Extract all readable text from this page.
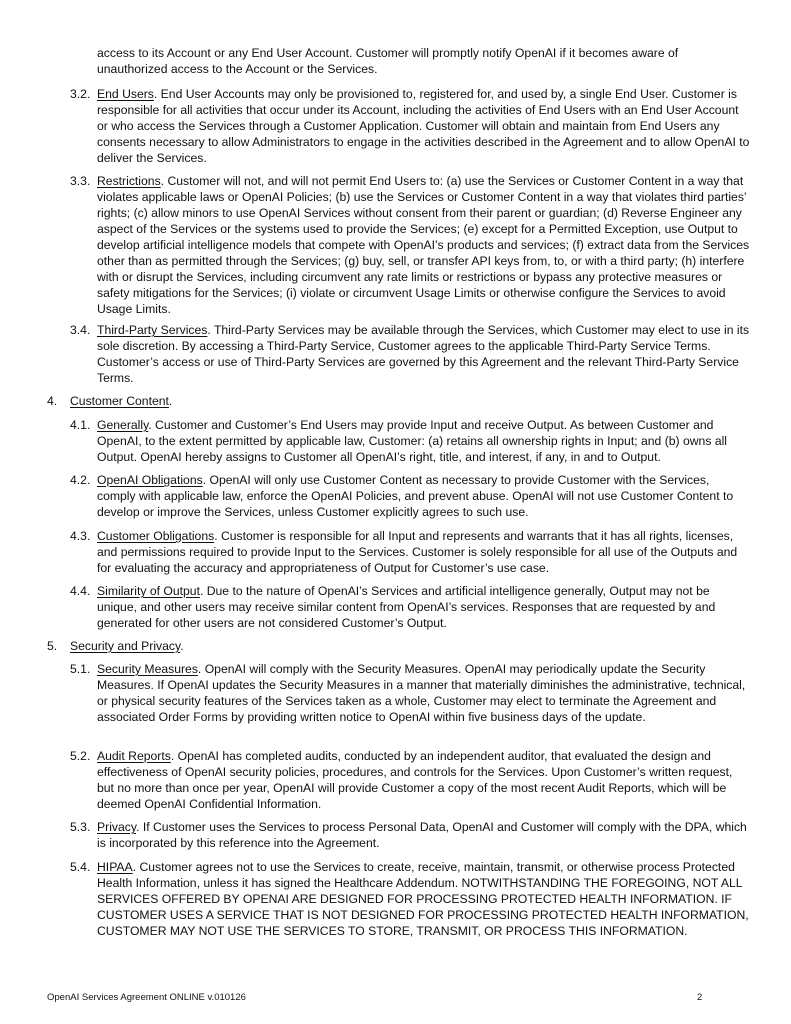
access to its Account or any End User Account. Customer will promptly notify OpenAI if it becomes aware of unauthorized access to the Account or the Services.

3.2. End Users. End User Accounts may only be provisioned to, registered for, and used by, a single End User. Customer is responsible for all activities that occur under its Account, including the activities of End Users with an End User Account or who access the Services through a Customer Application. Customer will obtain and maintain from End Users any consents necessary to allow Administrators to engage in the activities described in the Agreement and to allow OpenAI to deliver the Services.
3.3. Restrictions. Customer will not, and will not permit End Users to: (a) use the Services or Customer Content in a way that violates applicable laws or OpenAI Policies; (b) use the Services or Customer Content in a way that violates third parties’ rights; (c) allow minors to use OpenAI Services without consent from their parent or guardian; (d) Reverse Engineer any aspect of the Services or the systems used to provide the Services; (e) except for a Permitted Exception, use Output to develop artificial intelligence models that compete with OpenAI’s products and services; (f) extract data from the Services other than as permitted through the Services; (g) buy, sell, or transfer API keys from, to, or with a third party; (h) interfere with or disrupt the Services, including circumvent any rate limits or restrictions or bypass any protective measures or safety mitigations for the Services; (i) violate or circumvent Usage Limits or otherwise configure the Services to avoid Usage Limits.
3.4. Third-Party Services. Third-Party Services may be available through the Services, which Customer may elect to use in its sole discretion. By accessing a Third-Party Service, Customer agrees to the applicable Third-Party Service Terms. Customer’s access or use of Third-Party Services are governed by this Agreement and the relevant Third-Party Service Terms.
4. Customer Content.
4.1. Generally. Customer and Customer’s End Users may provide Input and receive Output. As between Customer and OpenAI, to the extent permitted by applicable law, Customer: (a) retains all ownership rights in Input; and (b) owns all Output. OpenAI hereby assigns to Customer all OpenAI’s right, title, and interest, if any, in and to Output.
4.2. OpenAI Obligations. OpenAI will only use Customer Content as necessary to provide Customer with the Services, comply with applicable law, enforce the OpenAI Policies, and prevent abuse. OpenAI will not use Customer Content to develop or improve the Services, unless Customer explicitly agrees to such use.
4.3. Customer Obligations. Customer is responsible for all Input and represents and warrants that it has all rights, licenses, and permissions required to provide Input to the Services. Customer is solely responsible for all use of the Outputs and for evaluating the accuracy and appropriateness of Output for Customer’s use case.
4.4. Similarity of Output. Due to the nature of OpenAI’s Services and artificial intelligence generally, Output may not be unique, and other users may receive similar content from OpenAI’s services. Responses that are requested by and generated for other users are not considered Customer’s Output.
5. Security and Privacy.
5.1. Security Measures. OpenAI will comply with the Security Measures. OpenAI may periodically update the Security Measures. If OpenAI updates the Security Measures in a manner that materially diminishes the administrative, technical, or physical security features of the Services taken as a whole, Customer may elect to terminate the Agreement and associated Order Forms by providing written notice to OpenAI within five business days of the update.
5.2. Audit Reports. OpenAI has completed audits, conducted by an independent auditor, that evaluated the design and effectiveness of OpenAI security policies, procedures, and controls for the Services. Upon Customer’s written request, but no more than once per year, OpenAI will provide Customer a copy of the most recent Audit Reports, which will be deemed OpenAI Confidential Information.
5.3. Privacy. If Customer uses the Services to process Personal Data, OpenAI and Customer will comply with the DPA, which is incorporated by this reference into the Agreement.
5.4. HIPAA. Customer agrees not to use the Services to create, receive, maintain, transmit, or otherwise process Protected Health Information, unless it has signed the Healthcare Addendum. NOTWITHSTANDING THE FOREGOING, NOT ALL SERVICES OFFERED BY OPENAI ARE DESIGNED FOR PROCESSING PROTECTED HEALTH INFORMATION. IF CUSTOMER USES A SERVICE THAT IS NOT DESIGNED FOR PROCESSING PROTECTED HEALTH INFORMATION, CUSTOMER MAY NOT USE THE SERVICES TO STORE, TRANSMIT, OR PROCESS THIS INFORMATION.
OpenAI Services Agreement ONLINE v.010126	2
